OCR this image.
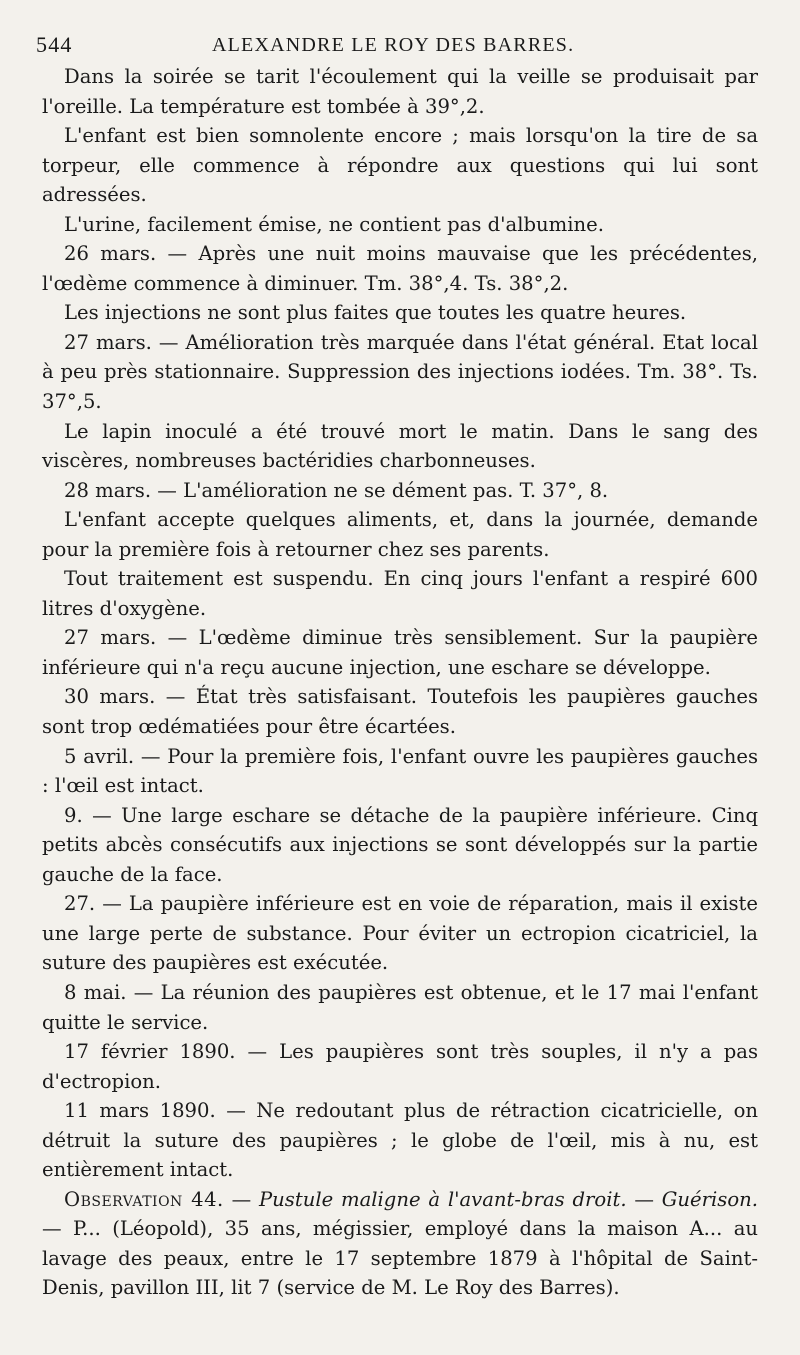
544	ALEXANDRE LE ROY DES BARRES.

Dans la soirée se tarit l'écoulement qui la veille se produisait par l'oreille. La température est tombée à 39°,2.

L'enfant est bien somnolente encore ; mais lorsqu'on la tire de sa torpeur, elle commence à répondre aux questions qui lui sont adressées.

L'urine, facilement émise, ne contient pas d'albumine.

26 mars. — Après une nuit moins mauvaise que les précédentes, l'œdème commence à diminuer. Tm. 38°,4. Ts. 38°,2.

Les injections ne sont plus faites que toutes les quatre heures.

27 mars. — Amélioration très marquée dans l'état général. Etat local à peu près stationnaire. Suppression des injections iodées. Tm. 38°. Ts. 37°,5.

Le lapin inoculé a été trouvé mort le matin. Dans le sang des viscères, nombreuses bactéridies charbonneuses.

28 mars. — L'amélioration ne se dément pas. T. 37°, 8.

L'enfant accepte quelques aliments, et, dans la journée, demande pour la première fois à retourner chez ses parents.

Tout traitement est suspendu. En cinq jours l'enfant a respiré 600 litres d'oxygène.

27 mars. — L'œdème diminue très sensiblement. Sur la paupière inférieure qui n'a reçu aucune injection, une eschare se développe.

30 mars. — État très satisfaisant. Toutefois les paupières gauches sont trop œdématiées pour être écartées.

5 avril. — Pour la première fois, l'enfant ouvre les paupières gauches : l'œil est intact.

9. — Une large eschare se détache de la paupière inférieure. Cinq petits abcès consécutifs aux injections se sont développés sur la partie gauche de la face.

27. — La paupière inférieure est en voie de réparation, mais il existe une large perte de substance. Pour éviter un ectropion cicatriciel, la suture des paupières est exécutée.

8 mai. — La réunion des paupières est obtenue, et le 17 mai l'enfant quitte le service.

17 février 1890. — Les paupières sont très souples, il n'y a pas d'ectropion.

11 mars 1890. — Ne redoutant plus de rétraction cicatricielle, on détruit la suture des paupières ; le globe de l'œil, mis à nu, est entièrement intact.

Observation 44. — Pustule maligne à l'avant-bras droit. — Guérison. — P... (Léopold), 35 ans, mégissier, employé dans la maison A... au lavage des peaux, entre le 17 septembre 1879 à l'hôpital de Saint-Denis, pavillon III, lit 7 (service de M. Le Roy des Barres).
